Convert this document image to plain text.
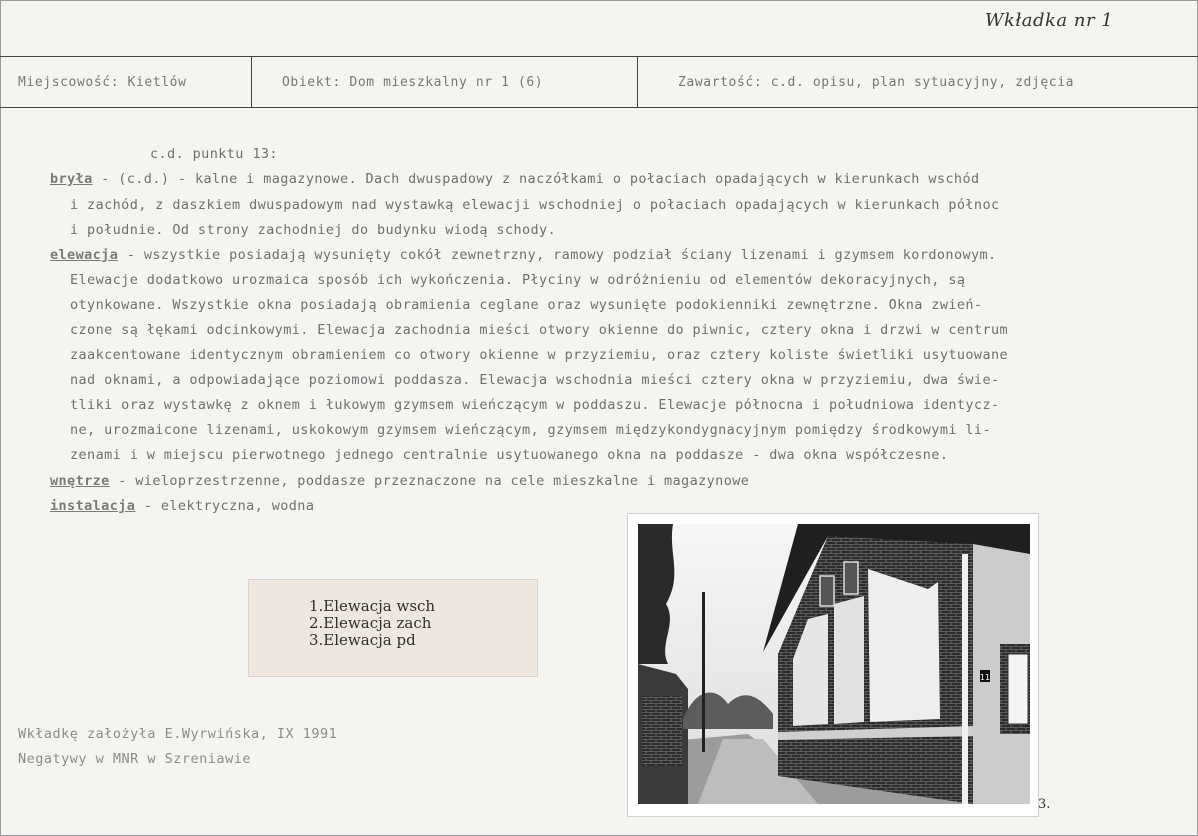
Wkładka nr 1
Miejscowość: Kietlów	Obiekt: Dom mieszkalny nr 1 (6)	Zawartość: c.d. opisu, plan sytuacyjny, zdjęcia
c.d. punktu 13:
bryła - (c.d.) - kalne i magazynowe. Dach dwuspadowy z naczółkami o połaciach opadających w kierunkach wschód
i zachód, z daszkiem dwuspadowym nad wystawką elewacji wschodniej o połaciach opadających w kierunkach północ
i południe. Od strony zachodniej do budynku wiodą schody.
elewacja - wszystkie posiadają wysunięty cokół zewnetrzny, ramowy podział ściany lizenami i gzymsem kordonowym.
Elewacje dodatkowo urozmaica sposób ich wykończenia. Płyciny w odróżnieniu od elementów dekoracyjnych, są
otynkowane. Wszystkie okna posiadają obramienia ceglane oraz wysunięte podokienniki zewnętrzne. Okna zwień-
czone są łękami odcinkowymi. Elewacja zachodnia mieści otwory okienne do piwnic, cztery okna i drzwi w centrum
zaakcentowane identycznym obramieniem co otwory okienne w przyziemiu, oraz cztery koliste świetliki usytuowane
nad oknami, a odpowiadające poziomowi poddasza. Elewacja wschodnia mieści cztery okna w przyziemiu, dwa świe-
tliki oraz wystawkę z oknem i łukowym gzymsem wieńczącym w poddaszu. Elewacje północna i południowa identycz-
ne, urozmaicone lizenami, uskokowym gzymsem wieńczącym, gzymsem międzykondygnacyjnym pomiędzy środkowymi li-
zenami i w miejscu pierwotnego jednego centralnie usytuowanego okna na poddasze - dwa okna współczesne.
wnętrze - wieloprzestrzenne, poddasze przeznaczone na cele mieszkalne i magazynowe
instalacja - elektryczna, wodna
1.Elewacja wsch
2.Elewacja zach
3.Elewacja pd
Wkładkę założyła E.Wyrwińska, IX 1991
Negatywy w MNR w Szreniawie
11
3.
